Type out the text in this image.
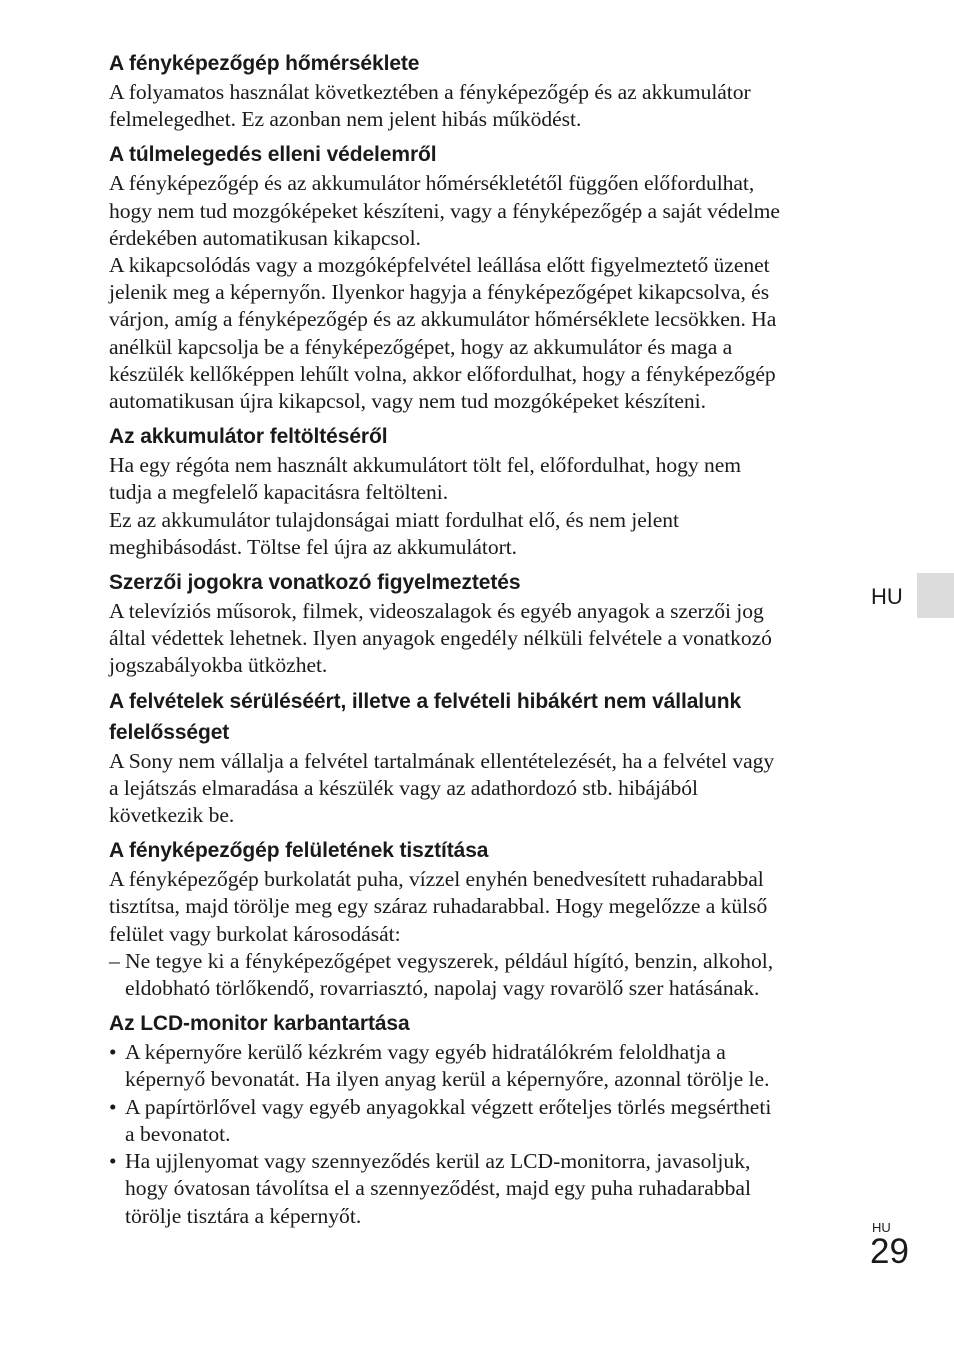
A fényképezőgép hőmérséklete
A folyamatos használat következtében a fényképezőgép és az akkumulátor
felmelegedhet. Ez azonban nem jelent hibás működést.
A túlmelegedés elleni védelemről
A fényképezőgép és az akkumulátor hőmérsékletétől függően előfordulhat,
hogy nem tud mozgóképeket készíteni, vagy a fényképezőgép a saját védelme
érdekében automatikusan kikapcsol.
A kikapcsolódás vagy a mozgóképfelvétel leállása előtt figyelmeztető üzenet
jelenik meg a képernyőn. Ilyenkor hagyja a fényképezőgépet kikapcsolva, és
várjon, amíg a fényképezőgép és az akkumulátor hőmérséklete lecsökken. Ha
anélkül kapcsolja be a fényképezőgépet, hogy az akkumulátor és maga a
készülék kellőképpen lehűlt volna, akkor előfordulhat, hogy a fényképezőgép
automatikusan újra kikapcsol, vagy nem tud mozgóképeket készíteni.
Az akkumulátor feltöltéséről
Ha egy régóta nem használt akkumulátort tölt fel, előfordulhat, hogy nem
tudja a megfelelő kapacitásra feltölteni.
Ez az akkumulátor tulajdonságai miatt fordulhat elő, és nem jelent
meghibásodást. Töltse fel újra az akkumulátort.
Szerzői jogokra vonatkozó figyelmeztetés
A televíziós műsorok, filmek, videoszalagok és egyéb anyagok a szerzői jog
által védettek lehetnek. Ilyen anyagok engedély nélküli felvétele a vonatkozó
jogszabályokba ütközhet.
A felvételek sérüléséért, illetve a felvételi hibákért nem vállalunk felelősséget
A Sony nem vállalja a felvétel tartalmának ellentételezését, ha a felvétel vagy
a lejátszás elmaradása a készülék vagy az adathordozó stb. hibájából
következik be.
A fényképezőgép felületének tisztítása
A fényképezőgép burkolatát puha, vízzel enyhén benedvesített ruhadarabbal
tisztítsa, majd törölje meg egy száraz ruhadarabbal. Hogy megelőzze a külső
felület vagy burkolat károsodását:
– Ne tegye ki a fényképezőgépet vegyszerek, például hígító, benzin, alkohol,
eldobható törlőkendő, rovarriasztó, napolaj vagy rovarölő szer hatásának.
Az LCD-monitor karbantartása
• A képernyőre kerülő kézkrém vagy egyéb hidratálókrém feloldhatja a
képernyő bevonatát. Ha ilyen anyag kerül a képernyőre, azonnal törölje le.
• A papírtörlővel vagy egyéb anyagokkal végzett erőteljes törlés megsértheti
a bevonatot.
• Ha ujjlenyomat vagy szennyeződés kerül az LCD-monitorra, javasoljuk,
hogy óvatosan távolítsa el a szennyeződést, majd egy puha ruhadarabbal
törölje tisztára a képernyőt.
HU
HU
29
